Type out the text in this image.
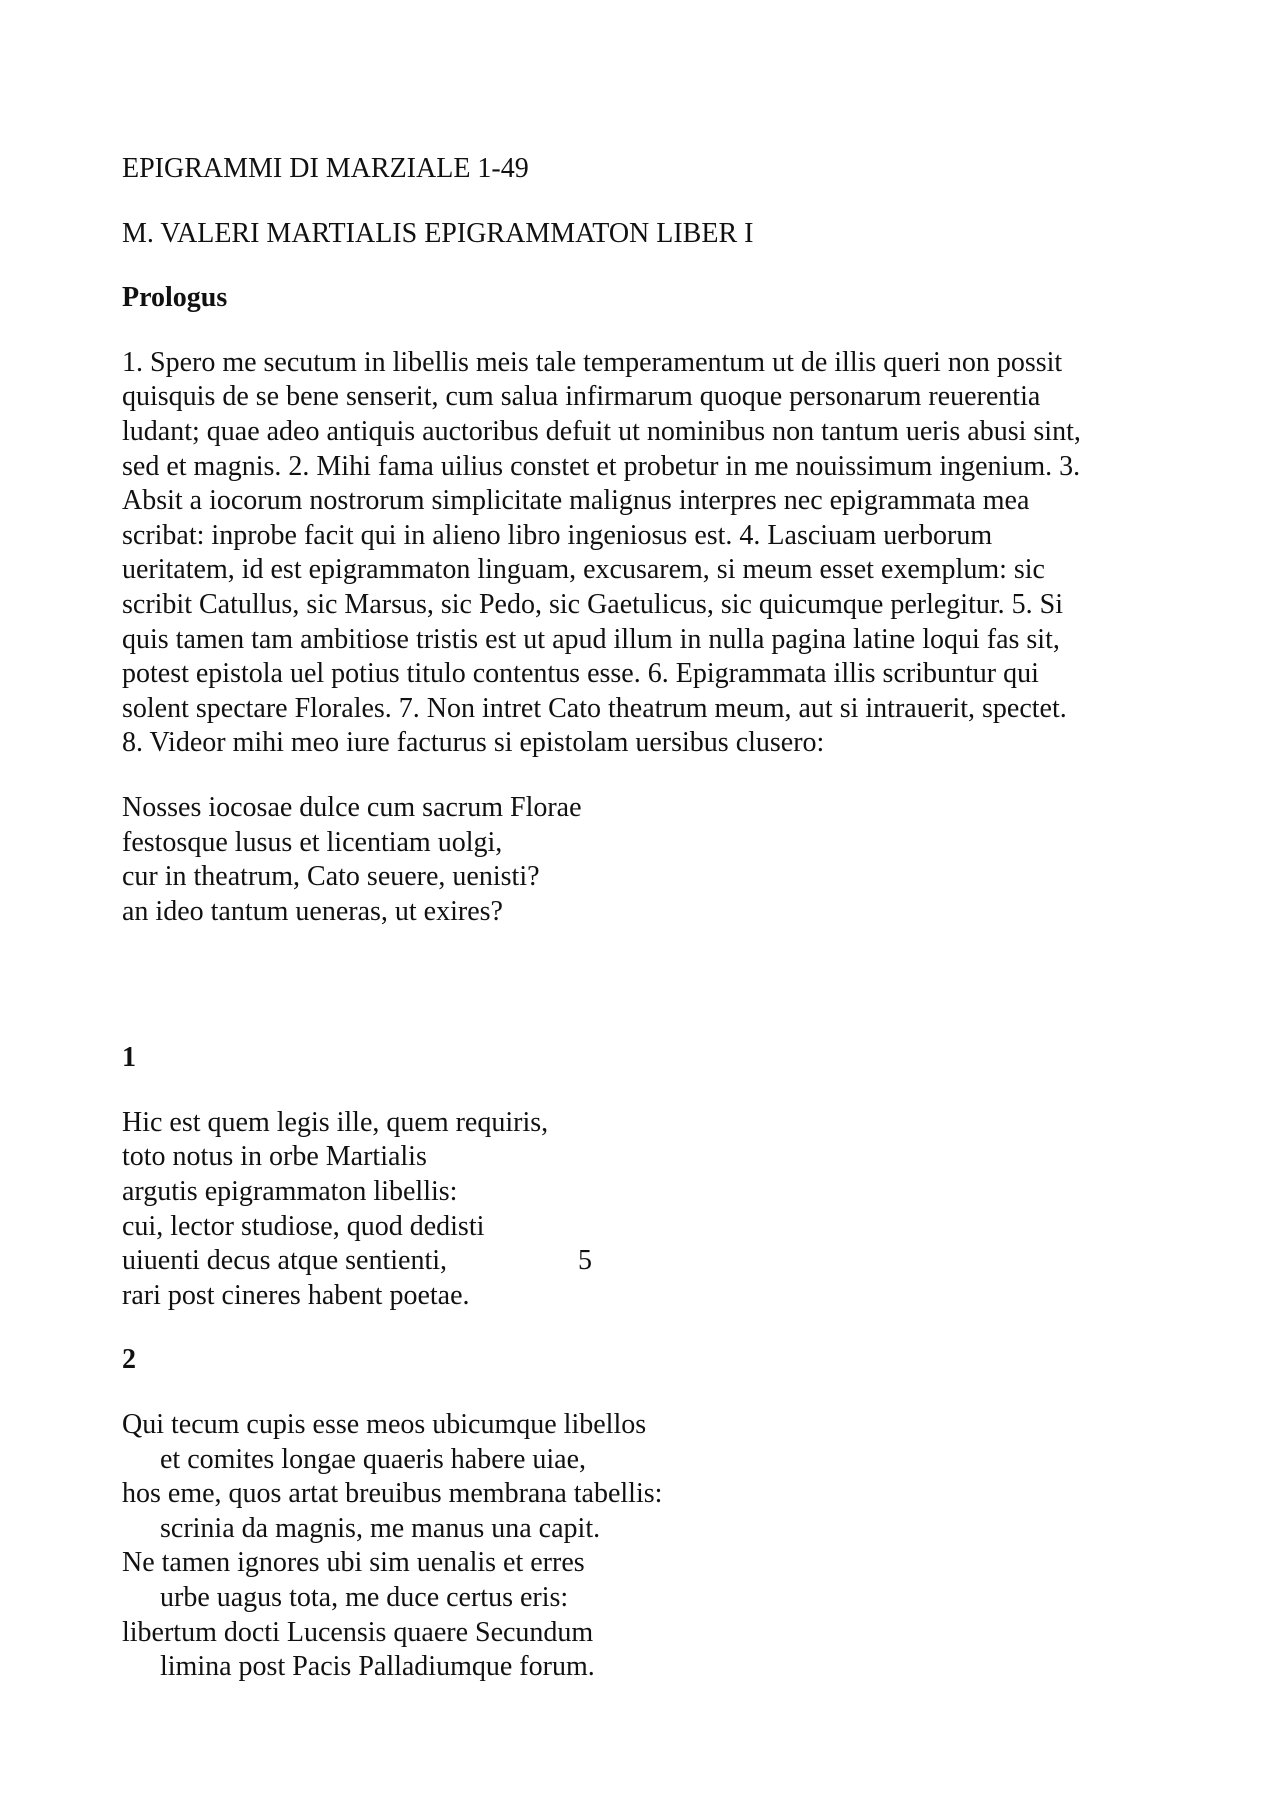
EPIGRAMMI DI MARZIALE 1-49

M. VALERI MARTIALIS EPIGRAMMATON LIBER I

Prologus

1. Spero me secutum in libellis meis tale temperamentum ut de illis queri non possit
quisquis de se bene senserit, cum salua infirmarum quoque personarum reuerentia
ludant; quae adeo antiquis auctoribus defuit ut nominibus non tantum ueris abusi sint,
sed et magnis. 2. Mihi fama uilius constet et probetur in me nouissimum ingenium. 3.
Absit a iocorum nostrorum simplicitate malignus interpres nec epigrammata mea
scribat: inprobe facit qui in alieno libro ingeniosus est. 4. Lasciuam uerborum
ueritatem, id est epigrammaton linguam, excusarem, si meum esset exemplum: sic
scribit Catullus, sic Marsus, sic Pedo, sic Gaetulicus, sic quicumque perlegitur. 5. Si
quis tamen tam ambitiose tristis est ut apud illum in nulla pagina latine loqui fas sit,
potest epistola uel potius titulo contentus esse. 6. Epigrammata illis scribuntur qui
solent spectare Florales. 7. Non intret Cato theatrum meum, aut si intrauerit, spectet.
8. Videor mihi meo iure facturus si epistolam uersibus clusero:
Nosses iocosae dulce cum sacrum Florae
festosque lusus et licentiam uolgi,
cur in theatrum, Cato seuere, uenisti?
an ideo tantum ueneras, ut exires?

1

Hic est quem legis ille, quem requiris,
toto notus in orbe Martialis
argutis epigrammaton libellis:
cui, lector studiose, quod dedisti
uiuenti decus atque sentienti,	5
rari post cineres habent poetae.

2

Qui tecum cupis esse meos ubicumque libellos
et comites longae quaeris habere uiae,
hos eme, quos artat breuibus membrana tabellis:
scrinia da magnis, me manus una capit.
Ne tamen ignores ubi sim uenalis et erres
urbe uagus tota, me duce certus eris:
libertum docti Lucensis quaere Secundum
limina post Pacis Palladiumque forum.
